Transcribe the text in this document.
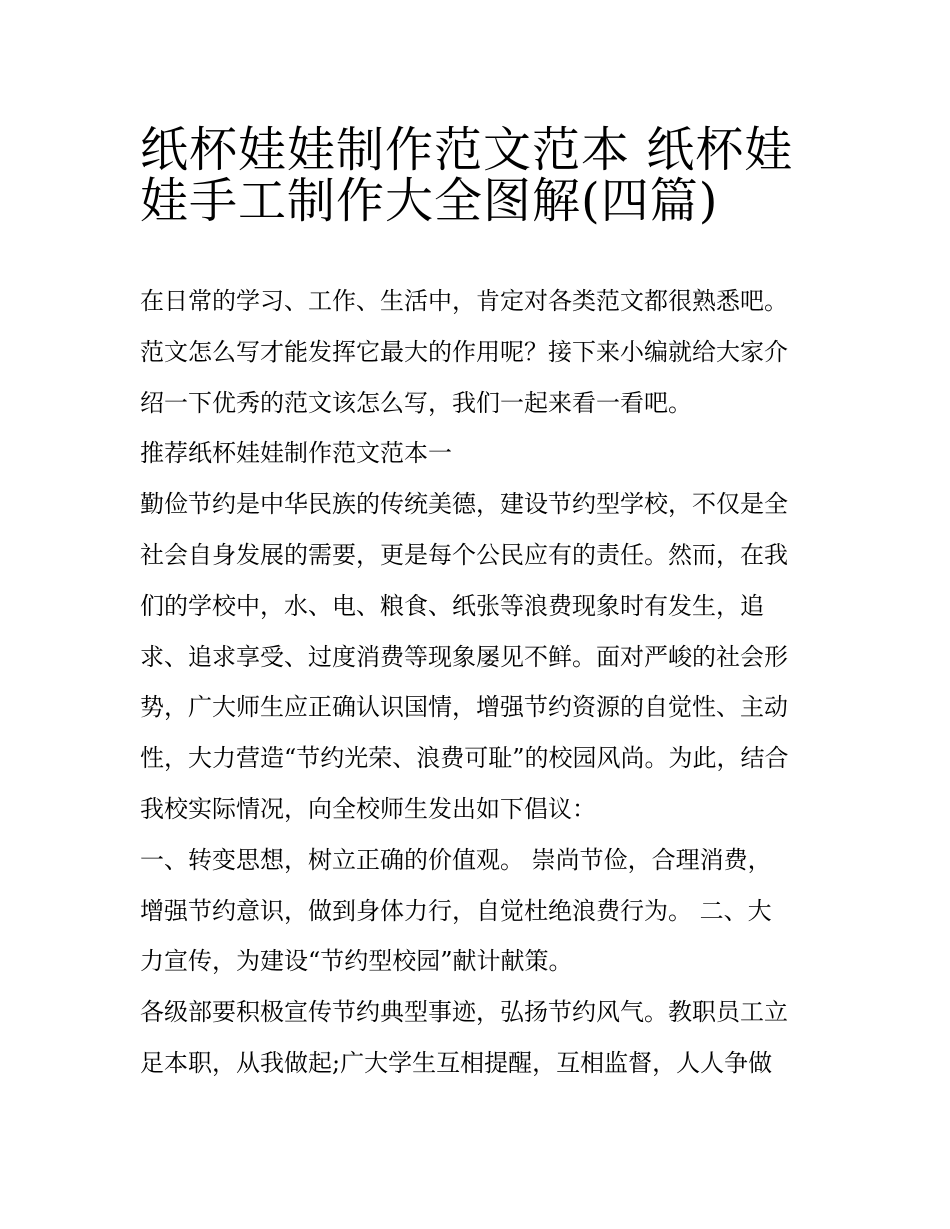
纸杯娃娃制作范文范本 纸杯娃
娃手工制作大全图解(四篇)
在日常的学习、工作、生活中，肯定对各类范文都很熟悉吧。
范文怎么写才能发挥它最大的作用呢？接下来小编就给大家介
绍一下优秀的范文该怎么写，我们一起来看一看吧。
推荐纸杯娃娃制作范文范本一
勤俭节约是中华民族的传统美德，建设节约型学校，不仅是全
社会自身发展的需要，更是每个公民应有的责任。然而，在我
们的学校中，水、电、粮食、纸张等浪费现象时有发生，追
求、追求享受、过度消费等现象屡见不鲜。面对严峻的社会形
势，广大师生应正确认识国情，增强节约资源的自觉性、主动
性，大力营造“节约光荣、浪费可耻”的校园风尚。为此，结合
我校实际情况，向全校师生发出如下倡议：
一、转变思想，树立正确的价值观。 崇尚节俭，合理消费，
增强节约意识，做到身体力行，自觉杜绝浪费行为。 二、大
力宣传，为建设“节约型校园”献计献策。
各级部要积极宣传节约典型事迹，弘扬节约风气。教职员工立
足本职，从我做起;广大学生互相提醒，互相监督，人人争做
